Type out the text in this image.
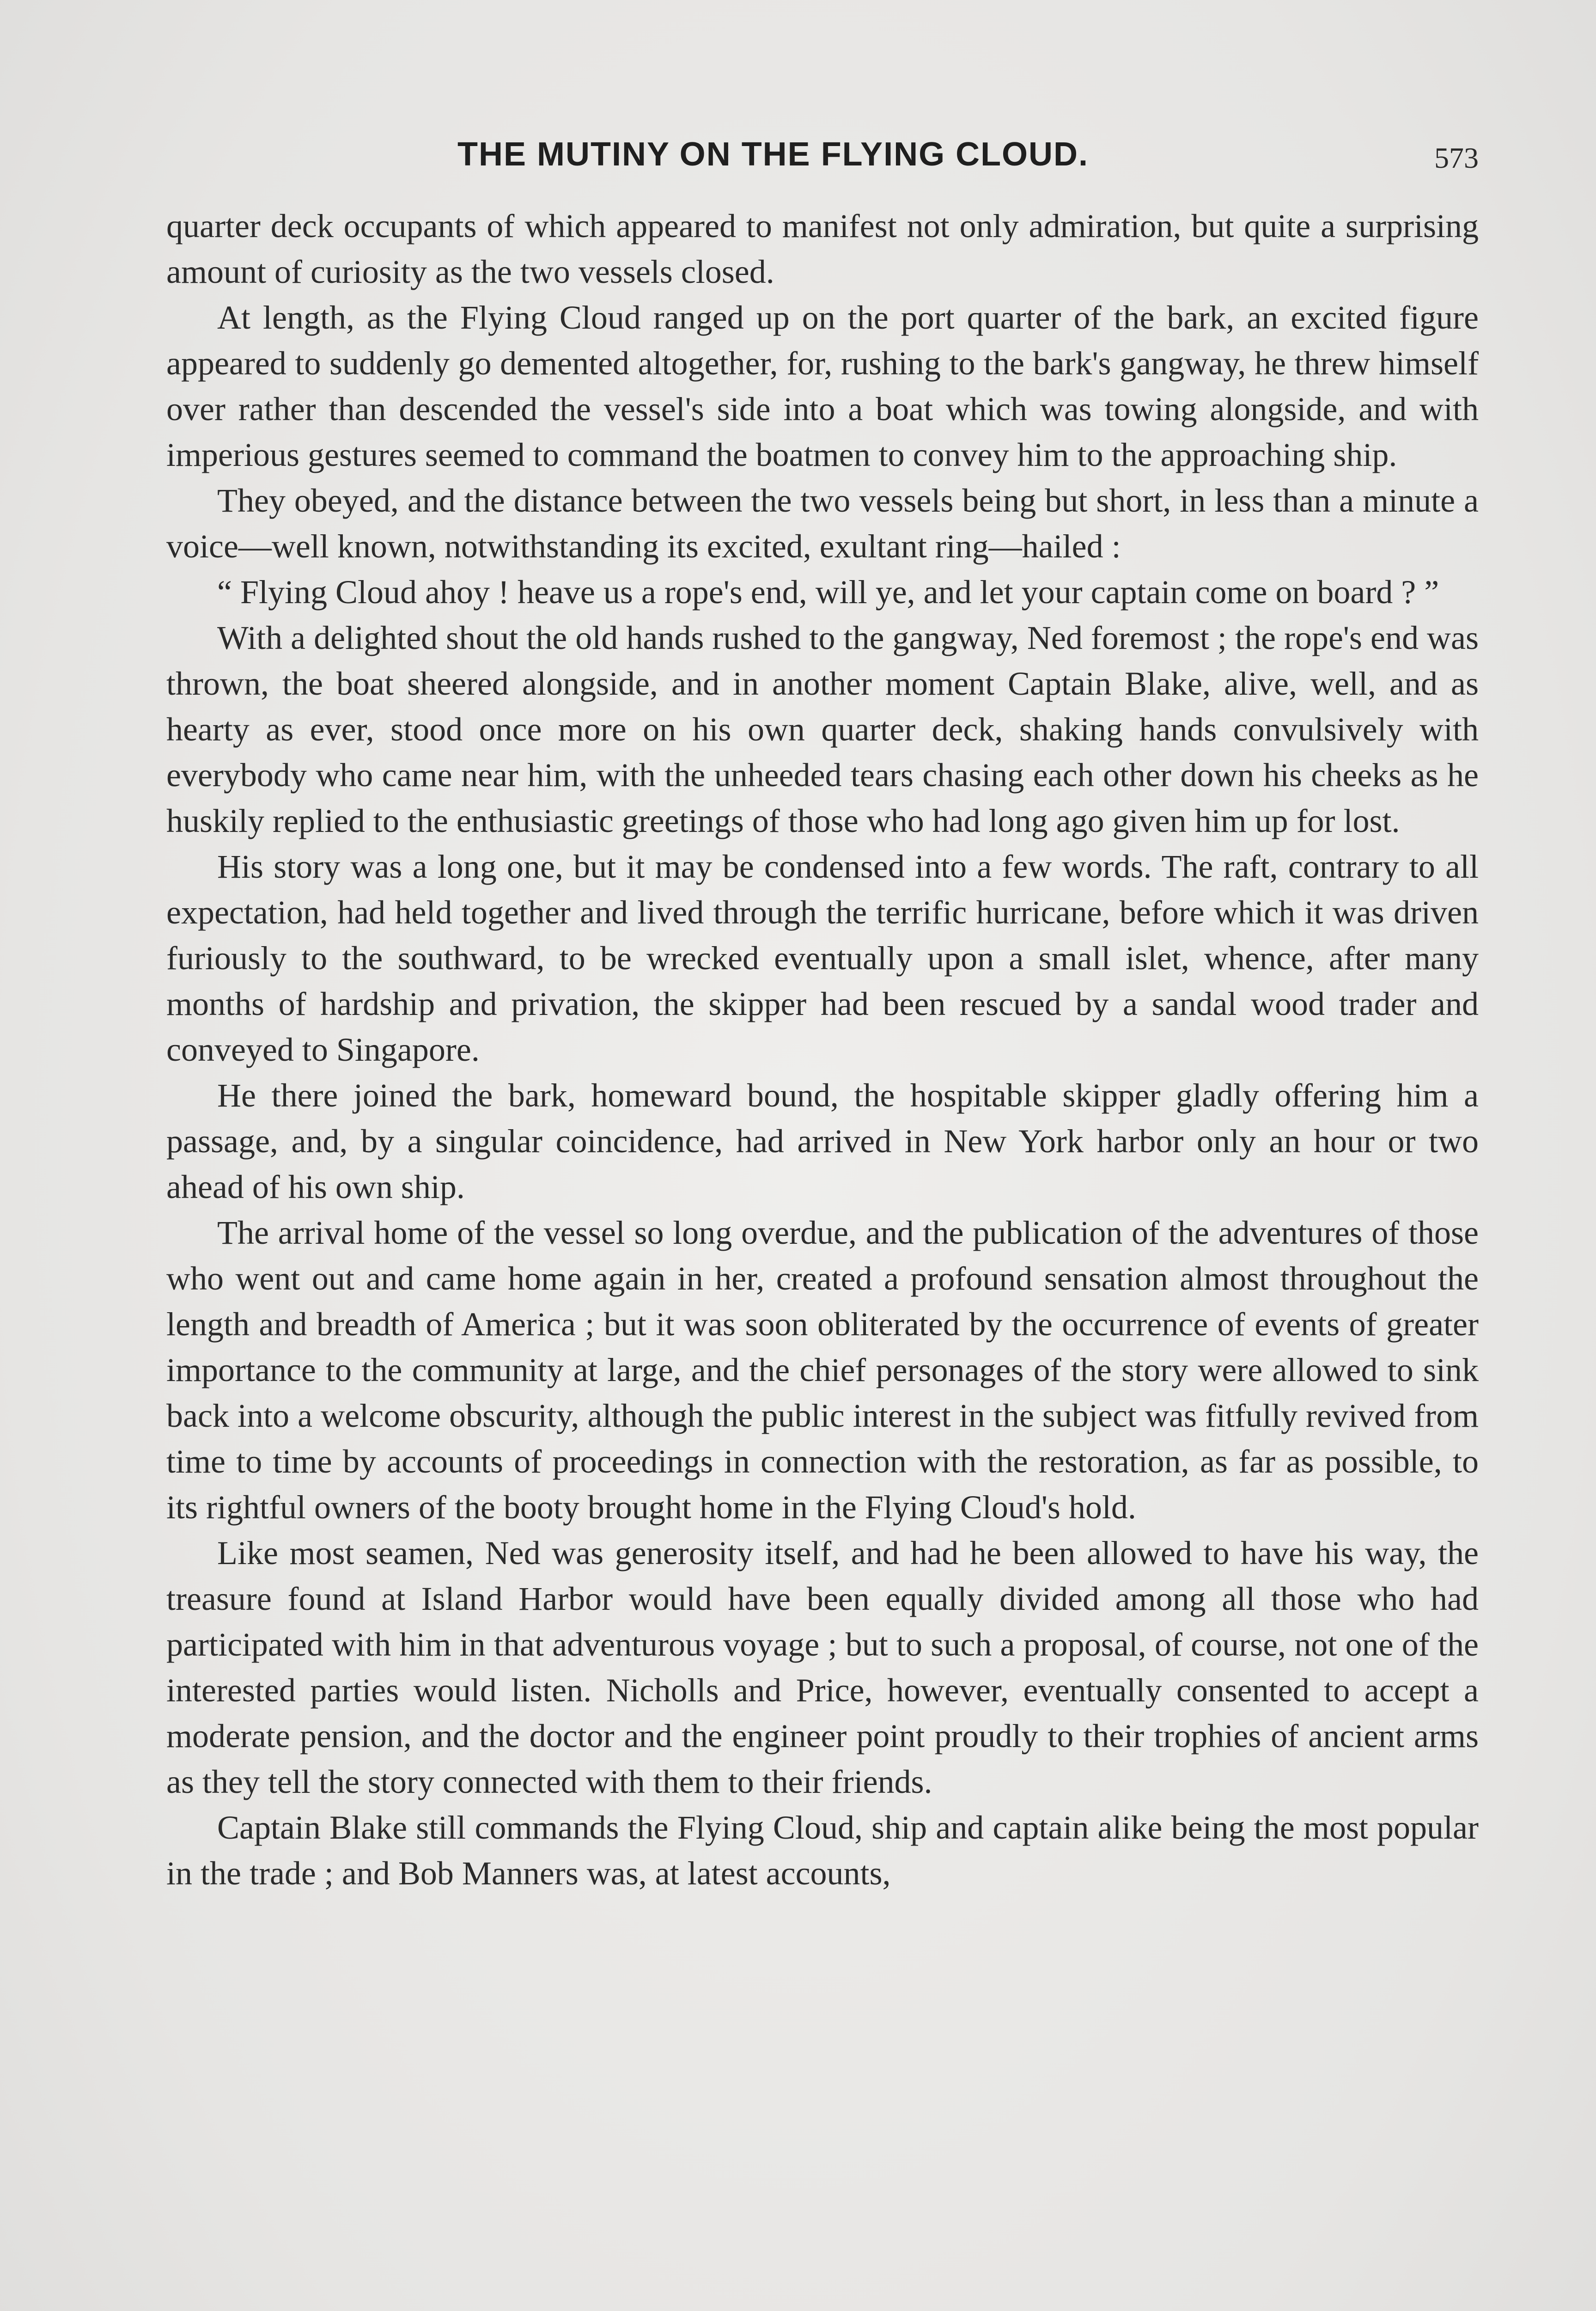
THE MUTINY ON THE FLYING CLOUD.	573

quarter deck occupants of which appeared to manifest not only admiration, but quite a surprising amount of curiosity as the two vessels closed.

At length, as the Flying Cloud ranged up on the port quarter of the bark, an excited figure appeared to suddenly go demented altogether, for, rushing to the bark's gangway, he threw himself over rather than descended the vessel's side into a boat which was towing alongside, and with imperious gestures seemed to command the boatmen to convey him to the approaching ship.

They obeyed, and the distance between the two vessels being but short, in less than a minute a voice—well known, notwithstanding its excited, exultant ring—hailed :

“ Flying Cloud ahoy ! heave us a rope's end, will ye, and let your captain come on board ? ”

With a delighted shout the old hands rushed to the gangway, Ned foremost ; the rope's end was thrown, the boat sheered alongside, and in another moment Captain Blake, alive, well, and as hearty as ever, stood once more on his own quarter deck, shaking hands convulsively with everybody who came near him, with the unheeded tears chasing each other down his cheeks as he huskily replied to the enthusiastic greetings of those who had long ago given him up for lost.

His story was a long one, but it may be condensed into a few words. The raft, contrary to all expectation, had held together and lived through the terrific hurricane, before which it was driven furiously to the southward, to be wrecked eventually upon a small islet, whence, after many months of hardship and privation, the skipper had been rescued by a sandal wood trader and conveyed to Singapore.

He there joined the bark, homeward bound, the hospitable skipper gladly offering him a passage, and, by a singular coincidence, had arrived in New York harbor only an hour or two ahead of his own ship.

The arrival home of the vessel so long overdue, and the publication of the adventures of those who went out and came home again in her, created a profound sensation almost throughout the length and breadth of America ; but it was soon obliterated by the occurrence of events of greater importance to the community at large, and the chief personages of the story were allowed to sink back into a welcome obscurity, although the public interest in the subject was fitfully revived from time to time by accounts of proceedings in connection with the restoration, as far as possible, to its rightful owners of the booty brought home in the Flying Cloud's hold.

Like most seamen, Ned was generosity itself, and had he been allowed to have his way, the treasure found at Island Harbor would have been equally divided among all those who had participated with him in that adventurous voyage ; but to such a proposal, of course, not one of the interested parties would listen. Nicholls and Price, however, eventually consented to accept a moderate pension, and the doctor and the engineer point proudly to their trophies of ancient arms as they tell the story connected with them to their friends.

Captain Blake still commands the Flying Cloud, ship and captain alike being the most popular in the trade ; and Bob Manners was, at latest accounts,
